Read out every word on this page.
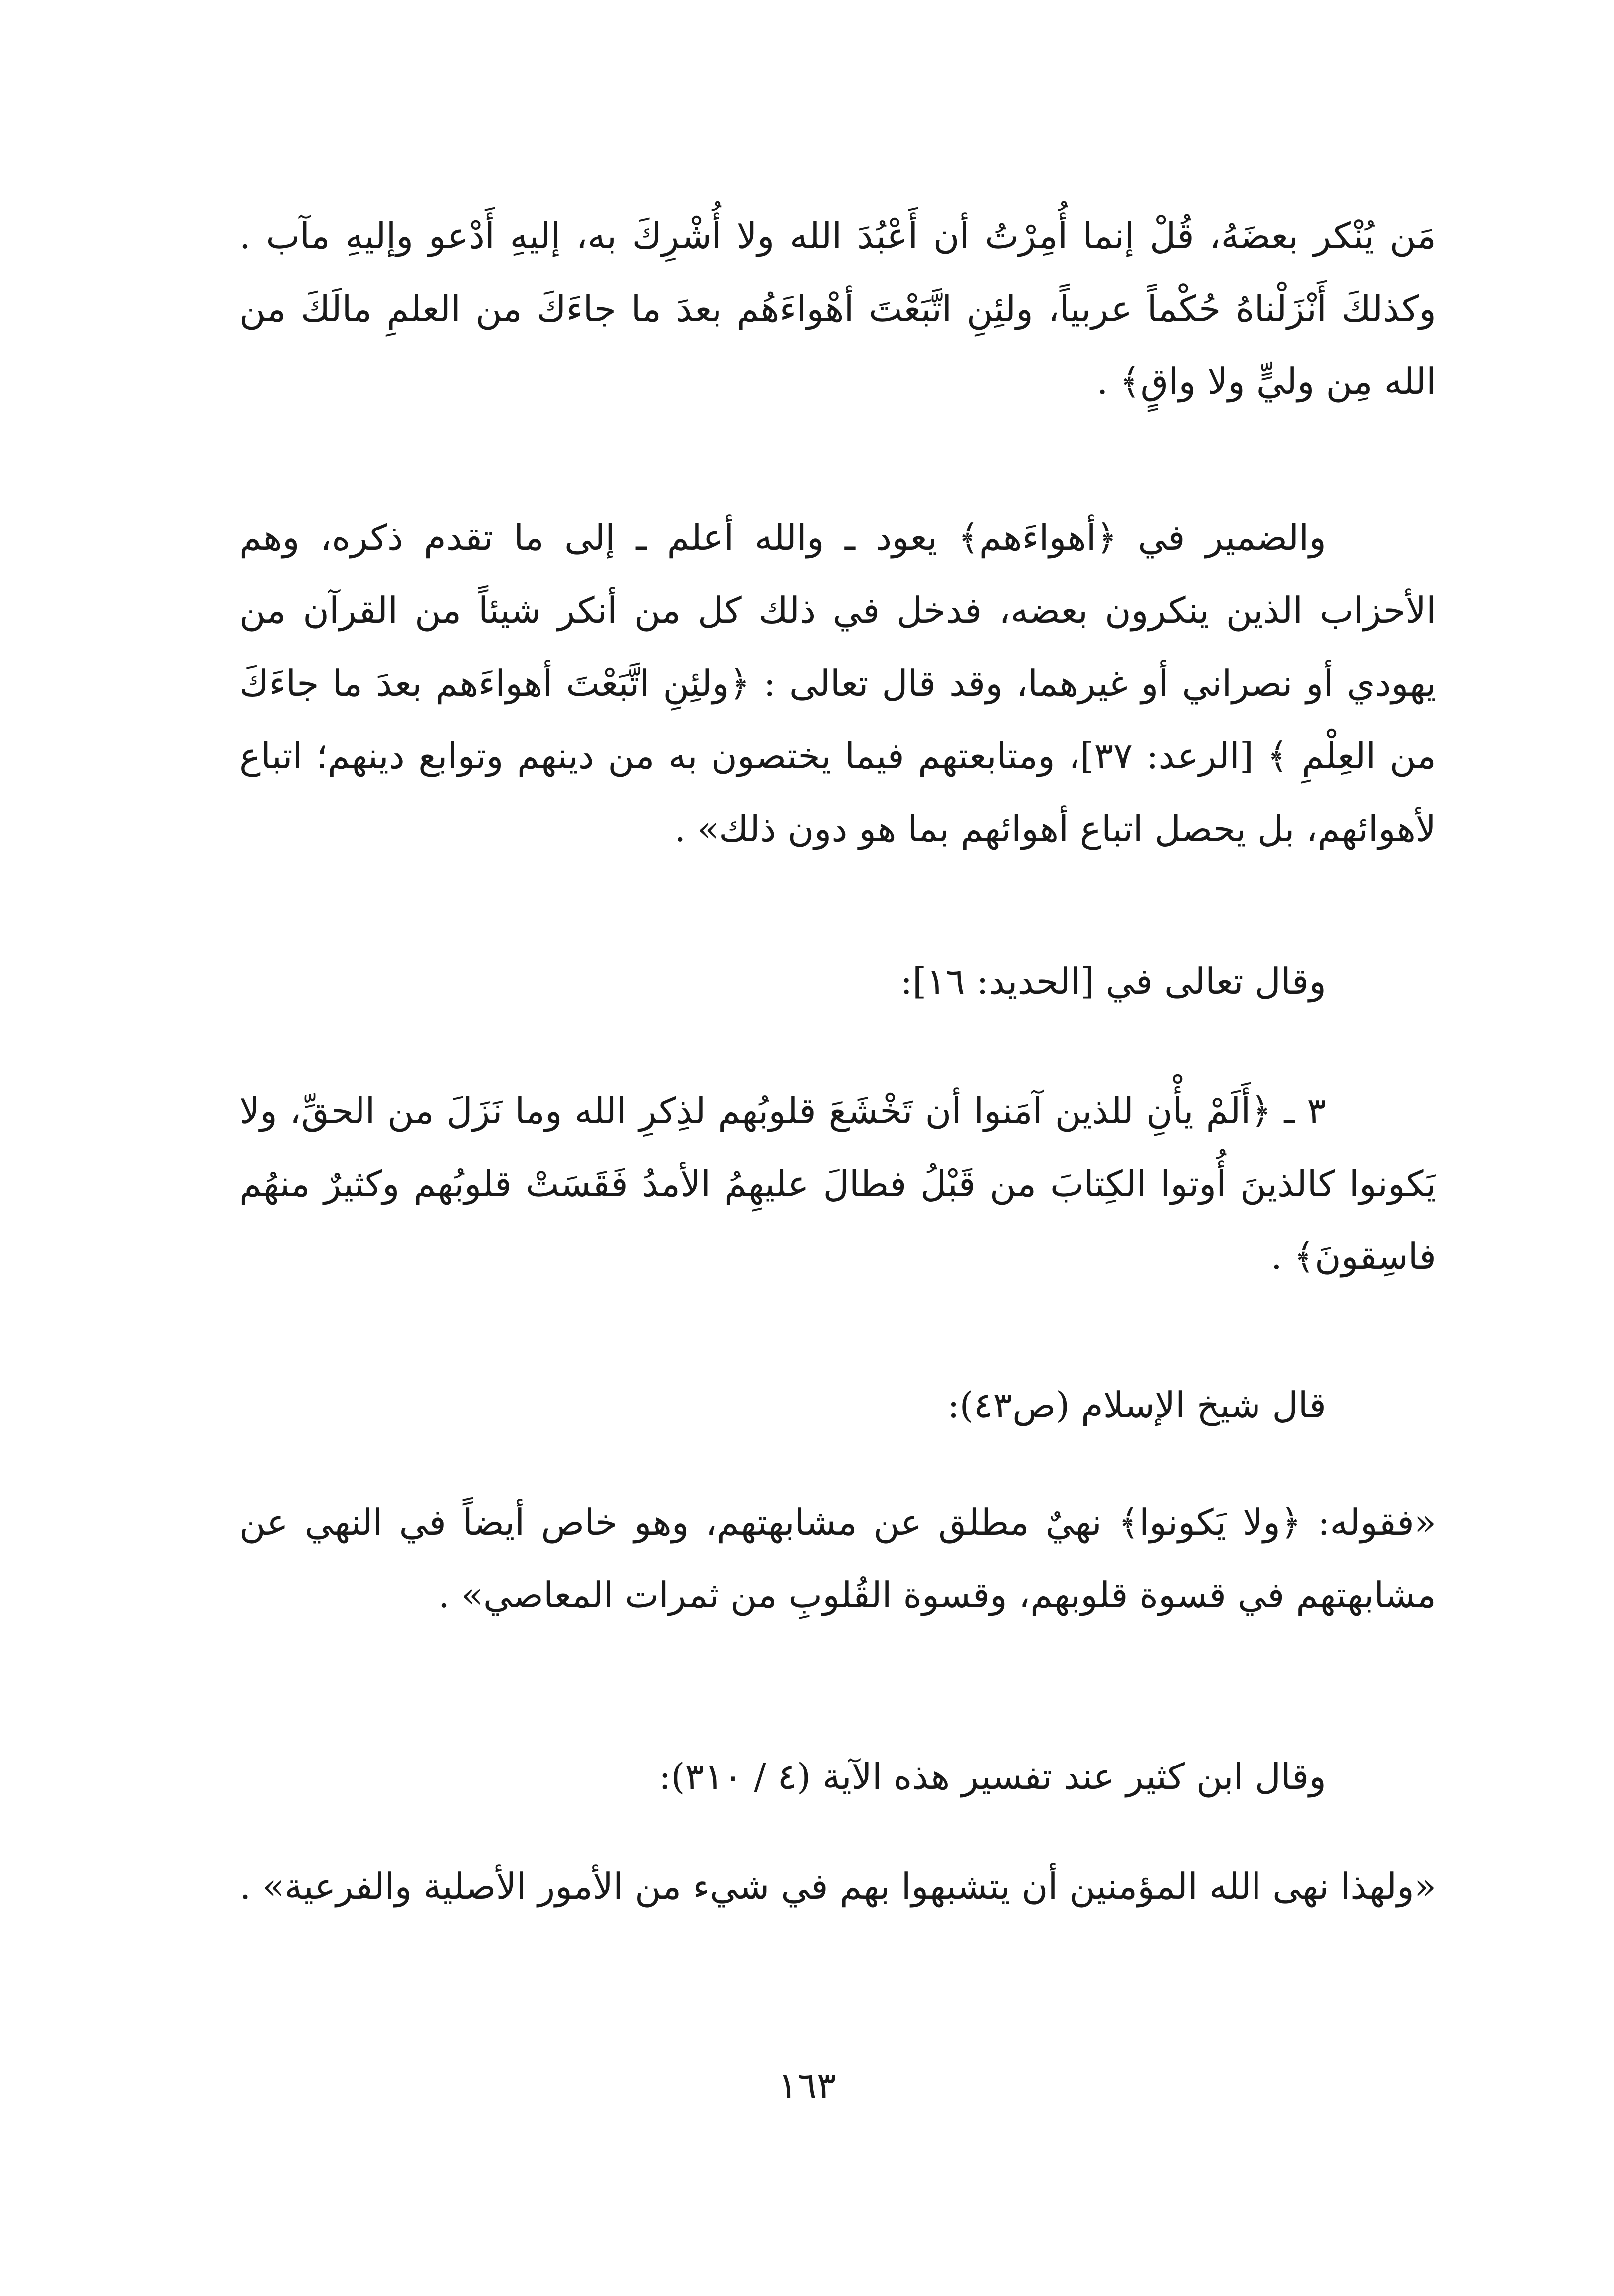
مَن يُنْكر بعضَهُ، قُلْ إنما أُمِرْتُ أن أَعْبُدَ الله ولا أُشْرِكَ به، إليهِ أَدْعو وإليهِ مآب . وكذلكَ أَنْزَلْناهُ حُكْماً عربياً، ولئِنِ اتَّبَعْتَ أهْواءَهُم بعدَ ما جاءَكَ من العلمِ مالَكَ من الله مِن وليٍّ ولا واقٍ﴾ .

والضمير في ﴿أهواءَهم﴾ يعود ـ والله أعلم ـ إلى ما تقدم ذكره، وهم الأحزاب الذين ينكرون بعضه، فدخل في ذلك كل من أنكر شيئاً من القرآن من يهودي أو نصراني أو غيرهما، وقد قال تعالى : ﴿ولئِنِ اتَّبَعْتَ أهواءَهم بعدَ ما جاءَكَ من العِلْمِ ﴾ [الرعد: ٣٧]، ومتابعتهم فيما يختصون به من دينهم وتوابع دينهم؛ اتباع لأهوائهم، بل يحصل اتباع أهوائهم بما هو دون ذلك» .

وقال تعالى في [الحديد: ١٦]:

٣ ـ ﴿أَلَمْ يأْنِ للذين آمَنوا أن تَخْشَعَ قلوبُهم لذِكرِ الله وما نَزَلَ من الحقِّ، ولا يَكونوا كالذينَ أُوتوا الكِتابَ من قَبْلُ فطالَ عليهِمُ الأمدُ فَقَسَتْ قلوبُهم وكثيرٌ منهُم فاسِقونَ﴾ .

قال شيخ الإسلام (ص٤٣):

«فقوله: ﴿ولا يَكونوا﴾ نهيٌ مطلق عن مشابهتهم، وهو خاص أيضاً في النهي عن مشابهتهم في قسوة قلوبهم، وقسوة القُلوبِ من ثمرات المعاصي» .

وقال ابن كثير عند تفسير هذه الآية (٤ / ٣١٠):

«ولهذا نهى الله المؤمنين أن يتشبهوا بهم في شيء من الأمور الأصلية والفرعية» .

١٦٣
